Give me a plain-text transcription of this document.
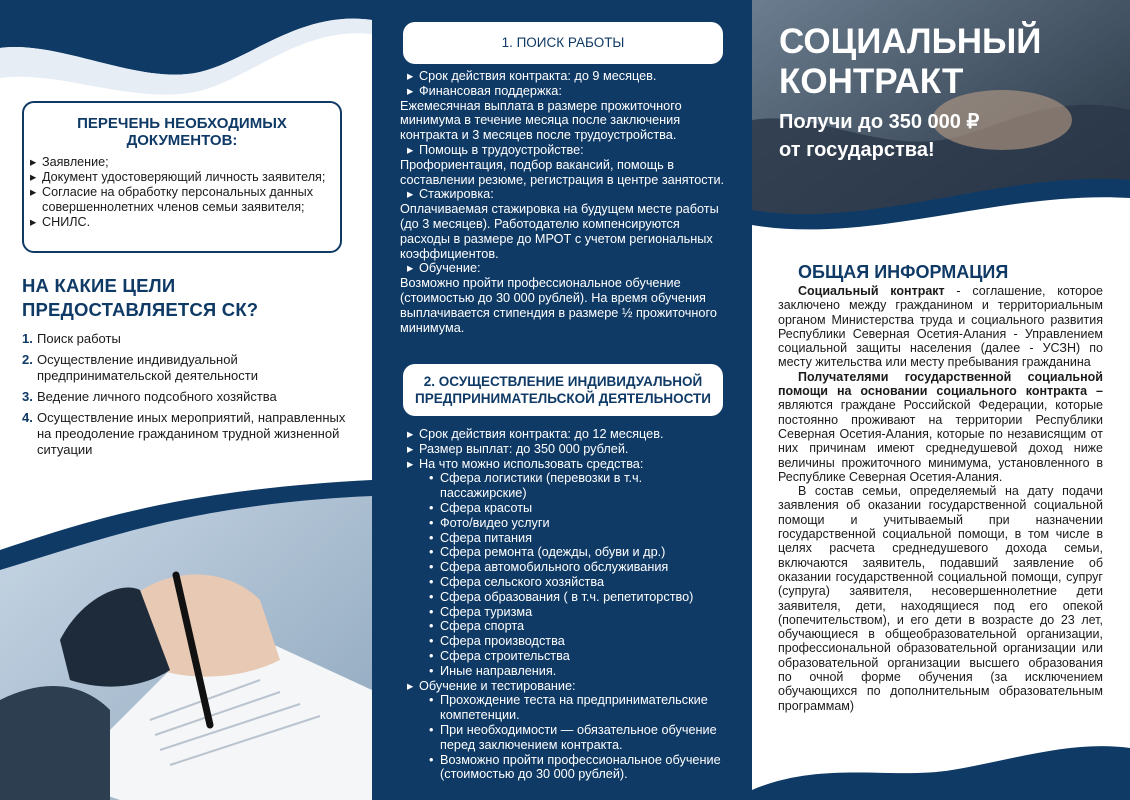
ПЕРЕЧЕНЬ НЕОБХОДИМЫХ ДОКУМЕНТОВ:
▸ Заявление;
▸ Документ удостоверяющий личность заявителя;
▸ Согласие на обработку персональных данных совершеннолетних членов семьи заявителя;
▸ СНИЛС.
НА КАКИЕ ЦЕЛИ ПРЕДОСТАВЛЯЕТСЯ СК?
1. Поиск работы
2. Осуществление индивидуальной предпринимательской деятельности
3. Ведение личного подсобного хозяйства
4. Осуществление иных мероприятий, направленных на преодоление гражданином трудной жизненной ситуации
1. ПОИСК РАБОТЫ
▸ Срок действия контракта: до 9 месяцев.
▸ Финансовая поддержка:
Ежемесячная выплата в размере прожиточного минимума в течение месяца после заключения контракта и 3 месяцев после трудоустройства.
▸ Помощь в трудоустройстве:
Профориентация, подбор вакансий, помощь в составлении резюме, регистрация в центре занятости.
▸ Стажировка:
Оплачиваемая стажировка на будущем месте работы (до 3 месяцев). Работодателю компенсируются расходы в размере до МРОТ с учетом региональных коэффициентов.
▸ Обучение:
Возможно пройти профессиональное обучение (стоимостью до 30 000 рублей). На время обучения выплачивается стипендия в размере ½ прожиточного минимума.
2. ОСУЩЕСТВЛЕНИЕ ИНДИВИДУАЛЬНОЙ ПРЕДПРИНИМАТЕЛЬСКОЙ ДЕЯТЕЛЬНОСТИ
▸ Срок действия контракта: до 12 месяцев.
▸ Размер выплат: до 350 000 рублей.
▸ На что можно использовать средства:
• Сфера логистики (перевозки в т.ч. пассажирские)
• Сфера красоты
• Фото/видео услуги
• Сфера питания
• Сфера ремонта (одежды, обуви и др.)
• Сфера автомобильного обслуживания
• Сфера сельского хозяйства
• Сфера образования ( в т.ч. репетиторство)
• Сфера туризма
• Сфера спорта
• Сфера производства
• Сфера строительства
• Иные направления.
▸ Обучение и тестирование:
• Прохождение теста на предпринимательские компетенции.
• При необходимости — обязательное обучение перед заключением контракта.
• Возможно пройти профессиональное обучение (стоимостью до 30 000 рублей).
СОЦИАЛЬНЫЙ
КОНТРАКТ
Получи до 350 000 ₽
от государства!
ОБЩАЯ ИНФОРМАЦИЯ

Социальный контракт - соглашение, которое заключено между гражданином и территориальным органом Министерства труда и социального развития Республики Северная Осетия-Алания - Управлением социальной защиты населения (далее - УСЗН) по месту жительства или месту пребывания гражданина

Получателями государственной социальной помощи на основании социального контракта – являются граждане Российской Федерации, которые постоянно проживают на территории Республики Северная Осетия-Алания, которые по независящим от них причинам имеют среднедушевой доход ниже величины прожиточного минимума, установленного в Республике Северная Осетия-Алания.

В состав семьи, определяемый на дату подачи заявления об оказании государственной социальной помощи и учитываемый при назначении государственной социальной помощи, в том числе в целях расчета среднедушевого дохода семьи, включаются заявитель, подавший заявление об оказании государственной социальной помощи, супруг (супруга) заявителя, несовершеннолетние дети заявителя, дети, находящиеся под его опекой (попечительством), и его дети в возрасте до 23 лет, обучающиеся в общеобразовательной организации, профессиональной образовательной организации или образовательной организации высшего образования по очной форме обучения (за исключением обучающихся по дополнительным образовательным программам)
